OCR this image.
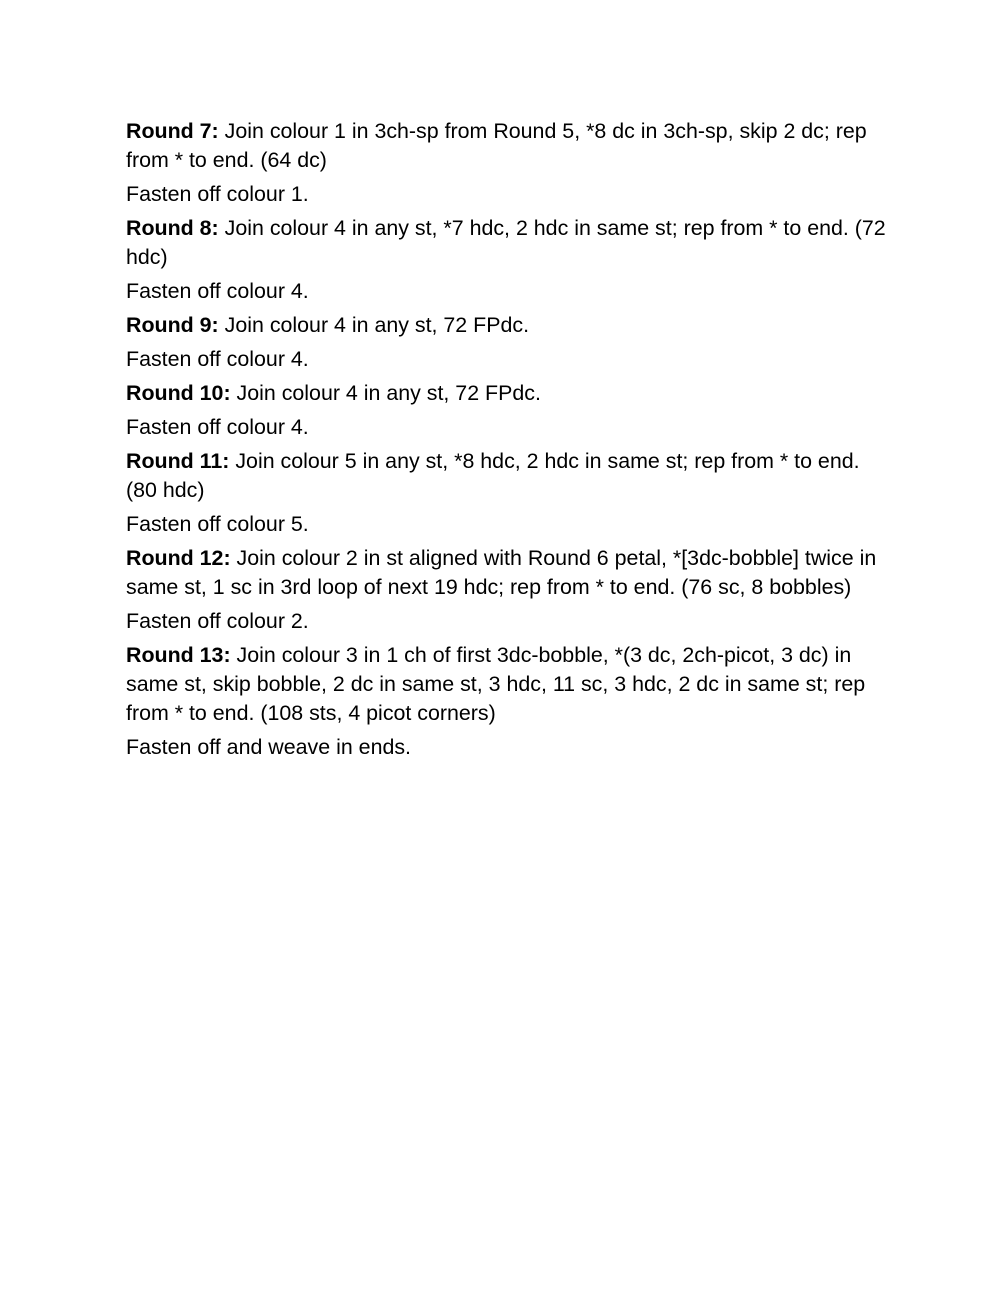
Round 7: Join colour 1 in 3ch-sp from Round 5, *8 dc in 3ch-sp, skip 2 dc; rep from * to end. (64 dc)

Fasten off colour 1.

Round 8: Join colour 4 in any st, *7 hdc, 2 hdc in same st; rep from * to end. (72 hdc)

Fasten off colour 4.

Round 9: Join colour 4 in any st, 72 FPdc.

Fasten off colour 4.

Round 10: Join colour 4 in any st, 72 FPdc.

Fasten off colour 4.

Round 11: Join colour 5 in any st, *8 hdc, 2 hdc in same st; rep from * to end. (80 hdc)

Fasten off colour 5.

Round 12: Join colour 2 in st aligned with Round 6 petal, *[3dc-bobble] twice in same st, 1 sc in 3rd loop of next 19 hdc; rep from * to end. (76 sc, 8 bobbles)

Fasten off colour 2.

Round 13: Join colour 3 in 1 ch of first 3dc-bobble, *(3 dc, 2ch-picot, 3 dc) in same st, skip bobble, 2 dc in same st, 3 hdc, 11 sc, 3 hdc, 2 dc in same st; rep from * to end. (108 sts, 4 picot corners)

Fasten off and weave in ends.
